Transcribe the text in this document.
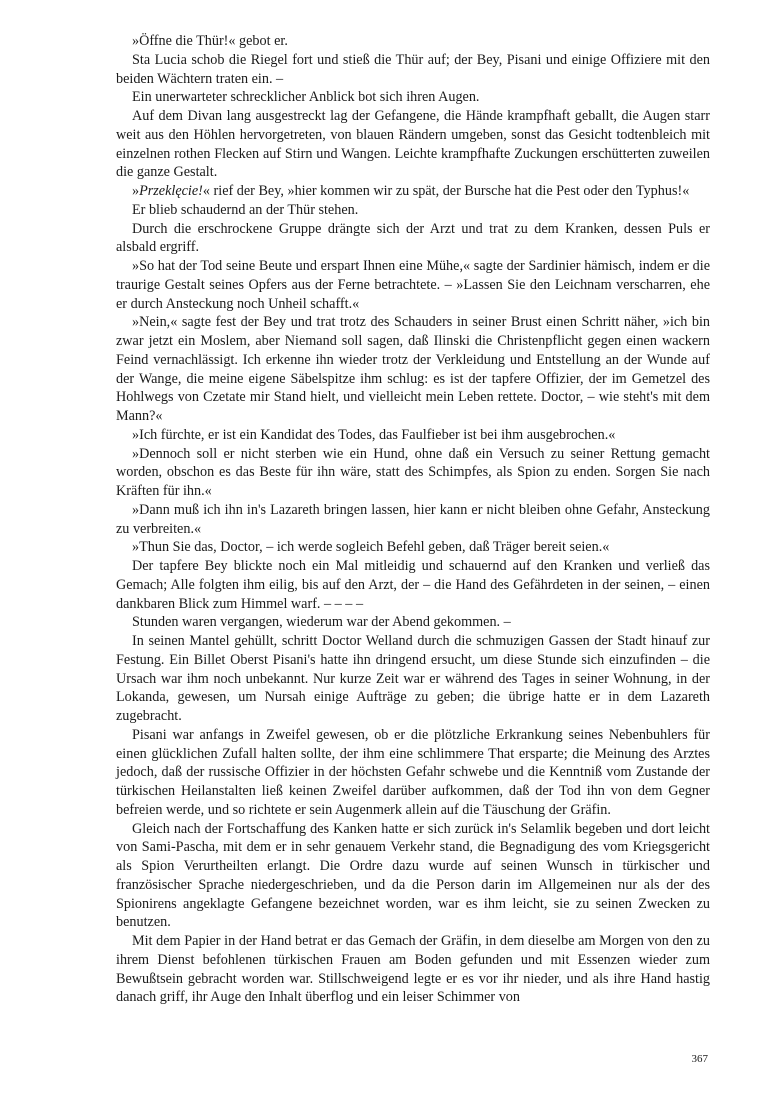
»Öffne die Thür!« gebot er.

Sta Lucia schob die Riegel fort und stieß die Thür auf; der Bey, Pisani und einige Offiziere mit den beiden Wächtern traten ein. –

Ein unerwarteter schrecklicher Anblick bot sich ihren Augen.

Auf dem Divan lang ausgestreckt lag der Gefangene, die Hände krampfhaft geballt, die Augen starr weit aus den Höhlen hervorgetreten, von blauen Rändern umgeben, sonst das Gesicht todtenbleich mit einzelnen rothen Flecken auf Stirn und Wangen. Leichte krampfhafte Zuckungen erschütterten zuweilen die ganze Gestalt.

»Przeklęcie!« rief der Bey, »hier kommen wir zu spät, der Bursche hat die Pest oder den Typhus!«

Er blieb schaudernd an der Thür stehen.

Durch die erschrockene Gruppe drängte sich der Arzt und trat zu dem Kranken, dessen Puls er alsbald ergriff.

»So hat der Tod seine Beute und erspart Ihnen eine Mühe,« sagte der Sardinier hämisch, indem er die traurige Gestalt seines Opfers aus der Ferne betrachtete. – »Lassen Sie den Leichnam verscharren, ehe er durch Ansteckung noch Unheil schafft.«

»Nein,« sagte fest der Bey und trat trotz des Schauders in seiner Brust einen Schritt näher, »ich bin zwar jetzt ein Moslem, aber Niemand soll sagen, daß Ilinski die Christenpflicht gegen einen wackern Feind vernachlässigt. Ich erkenne ihn wieder trotz der Verkleidung und Entstellung an der Wunde auf der Wange, die meine eigene Säbelspitze ihm schlug: es ist der tapfere Offizier, der im Gemetzel des Hohlwegs von Czetate mir Stand hielt, und vielleicht mein Leben rettete. Doctor, – wie steht's mit dem Mann?«

»Ich fürchte, er ist ein Kandidat des Todes, das Faulfieber ist bei ihm ausgebrochen.«

»Dennoch soll er nicht sterben wie ein Hund, ohne daß ein Versuch zu seiner Rettung gemacht worden, obschon es das Beste für ihn wäre, statt des Schimpfes, als Spion zu enden. Sorgen Sie nach Kräften für ihn.«

»Dann muß ich ihn in's Lazareth bringen lassen, hier kann er nicht bleiben ohne Gefahr, Ansteckung zu verbreiten.«

»Thun Sie das, Doctor, – ich werde sogleich Befehl geben, daß Träger bereit seien.«

Der tapfere Bey blickte noch ein Mal mitleidig und schauernd auf den Kranken und verließ das Gemach; Alle folgten ihm eilig, bis auf den Arzt, der – die Hand des Gefährdeten in der seinen, – einen dankbaren Blick zum Himmel warf. – – – –

Stunden waren vergangen, wiederum war der Abend gekommen. –

In seinen Mantel gehüllt, schritt Doctor Welland durch die schmuzigen Gassen der Stadt hinauf zur Festung. Ein Billet Oberst Pisani's hatte ihn dringend ersucht, um diese Stunde sich einzufinden – die Ursach war ihm noch unbekannt. Nur kurze Zeit war er während des Tages in seiner Wohnung, in der Lokanda, gewesen, um Nursah einige Aufträge zu geben; die übrige hatte er in dem Lazareth zugebracht.

Pisani war anfangs in Zweifel gewesen, ob er die plötzliche Erkrankung seines Nebenbuhlers für einen glücklichen Zufall halten sollte, der ihm eine schlimmere That ersparte; die Meinung des Arztes jedoch, daß der russische Offizier in der höchsten Gefahr schwebe und die Kenntniß vom Zustande der türkischen Heilanstalten ließ keinen Zweifel darüber aufkommen, daß der Tod ihn von dem Gegner befreien werde, und so richtete er sein Augenmerk allein auf die Täuschung der Gräfin.

Gleich nach der Fortschaffung des Kanken hatte er sich zurück in's Selamlik begeben und dort leicht von Sami-Pascha, mit dem er in sehr genauem Verkehr stand, die Begnadigung des vom Kriegsgericht als Spion Verurtheilten erlangt. Die Ordre dazu wurde auf seinen Wunsch in türkischer und französischer Sprache niedergeschrieben, und da die Person darin im Allgemeinen nur als der des Spionirens angeklagte Gefangene bezeichnet worden, war es ihm leicht, sie zu seinen Zwecken zu benutzen.

Mit dem Papier in der Hand betrat er das Gemach der Gräfin, in dem dieselbe am Morgen von den zu ihrem Dienst befohlenen türkischen Frauen am Boden gefunden und mit Essenzen wieder zum Bewußtsein gebracht worden war. Stillschweigend legte er es vor ihr nieder, und als ihre Hand hastig danach griff, ihr Auge den Inhalt überflog und ein leiser Schimmer von

367
